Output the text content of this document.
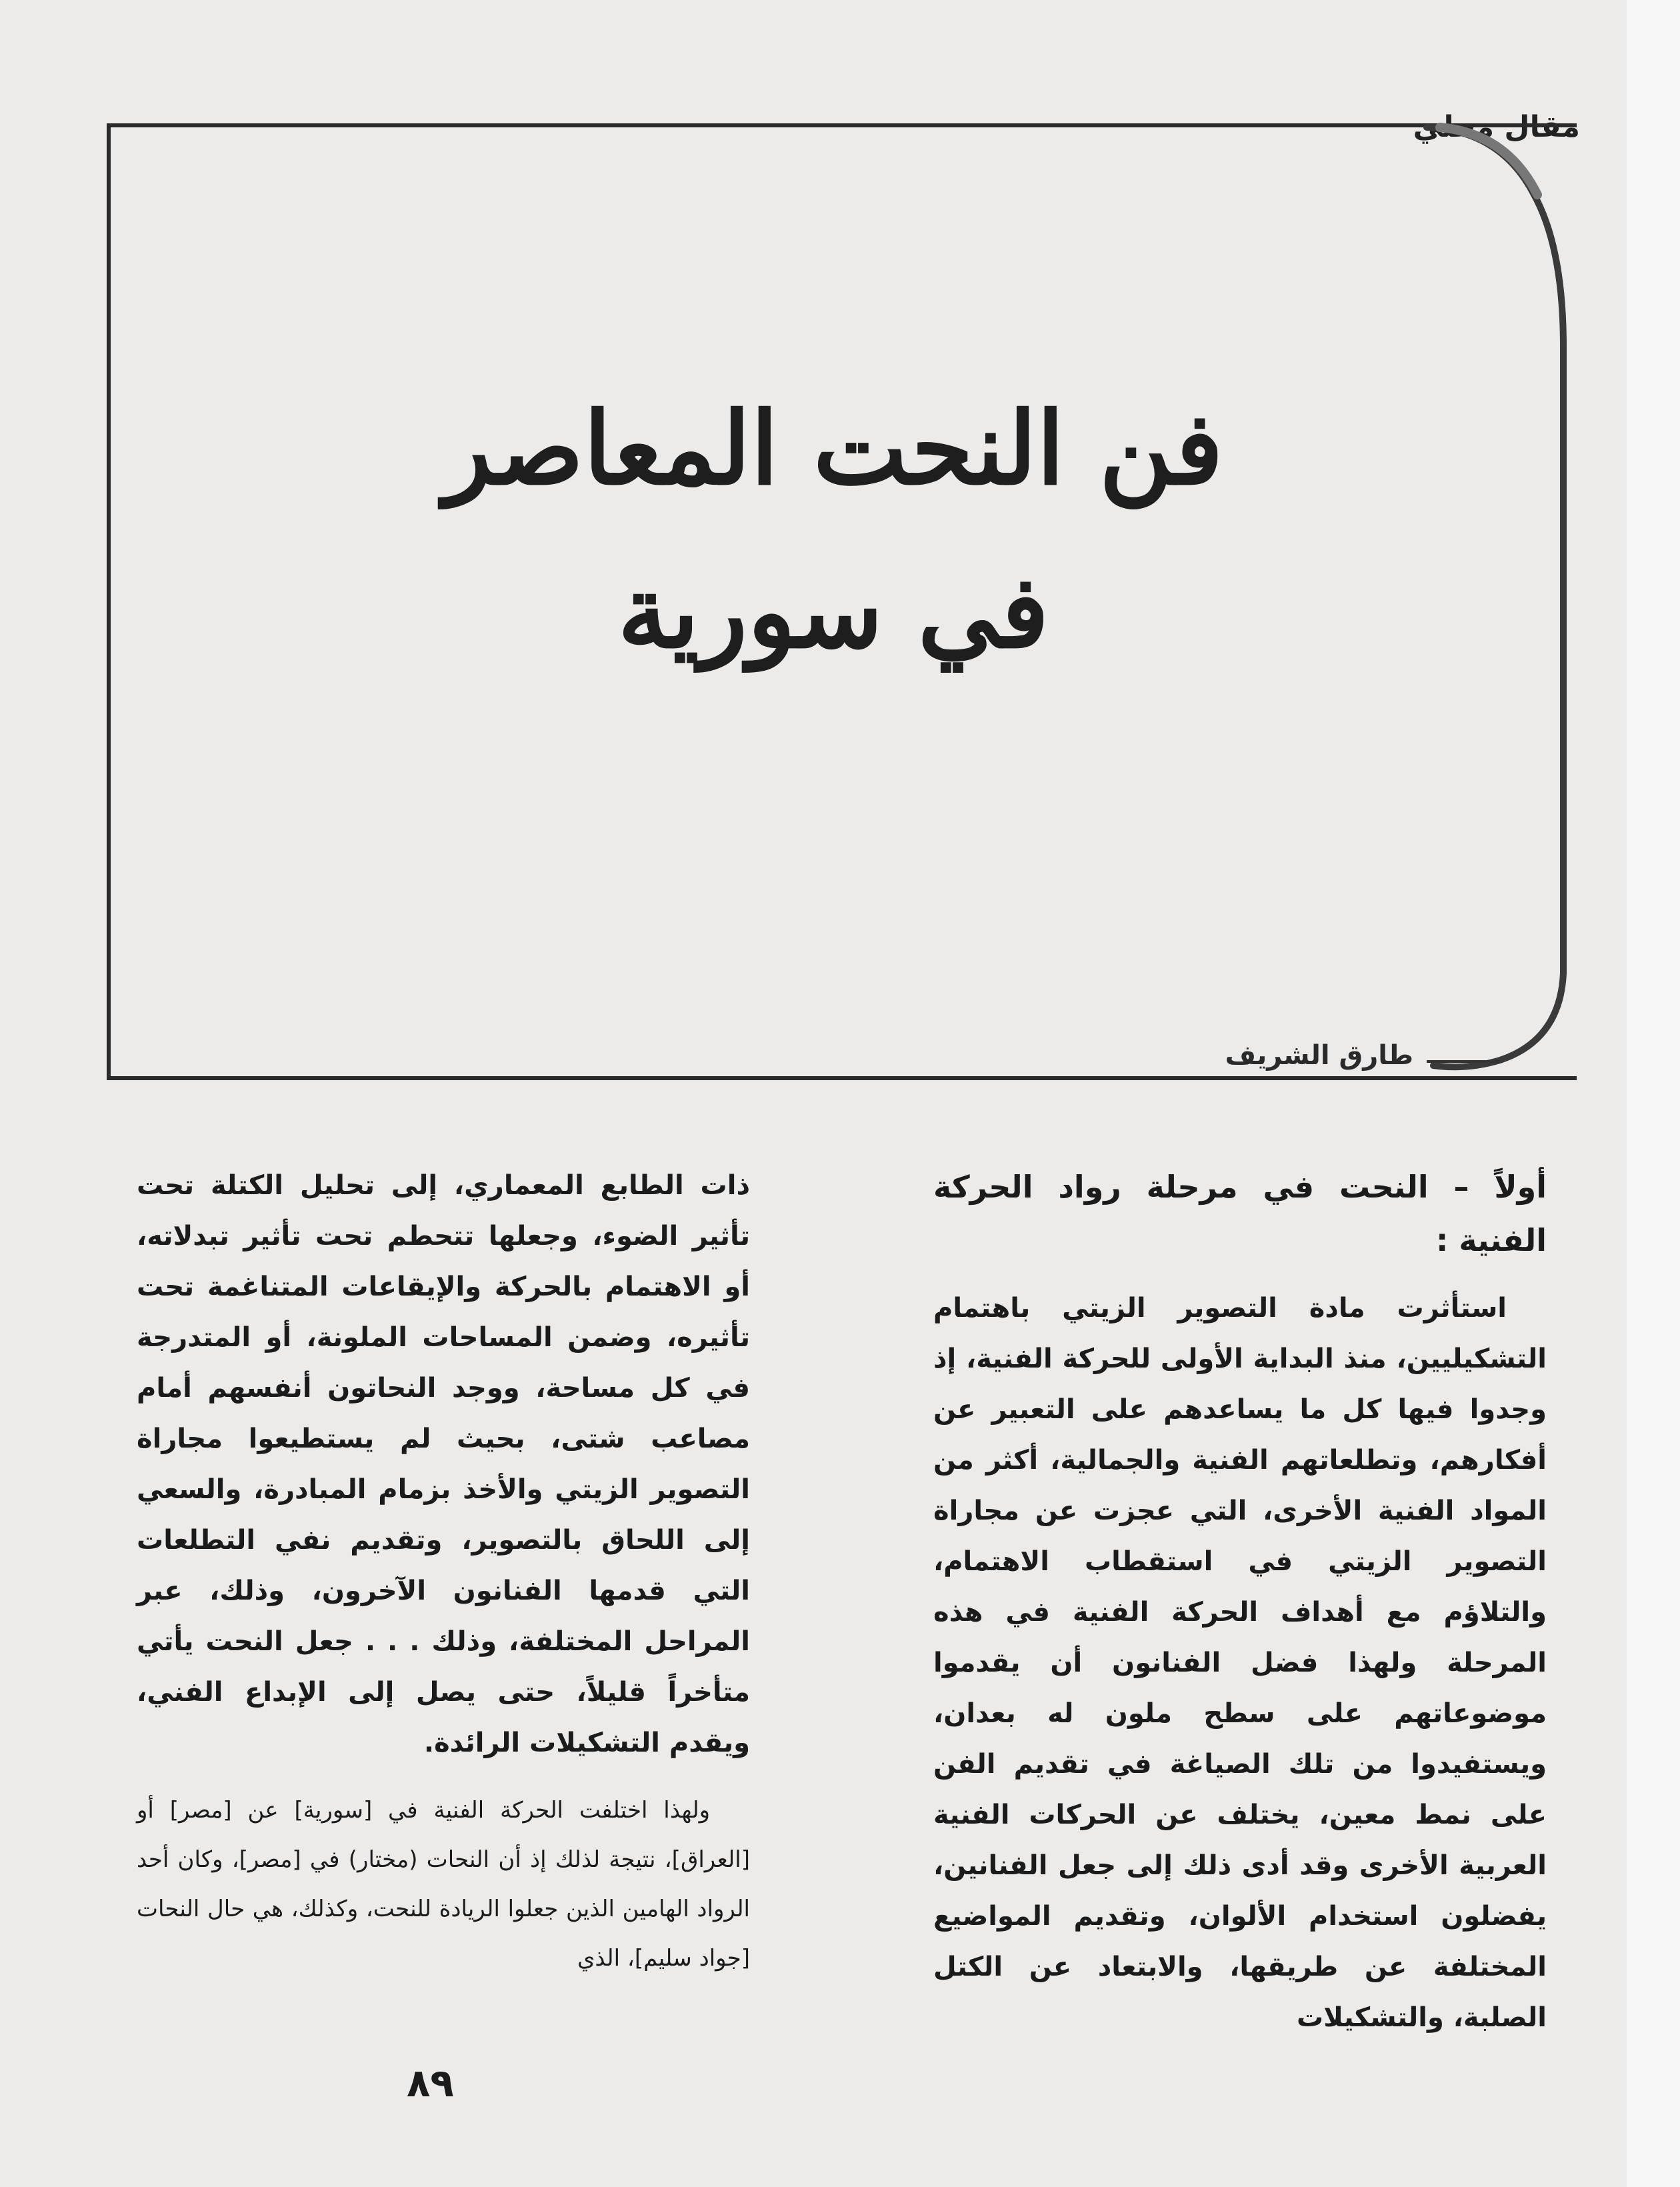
مقال محلي
فن النحت المعاصر
في سورية
طارق الشريف

أولاً – النحت في مرحلة رواد الحركة الفنية :

استأثرت مادة التصوير الزيتي باهتمام التشكيليين، منذ البداية الأولى للحركة الفنية، إذ وجدوا فيها كل ما يساعدهم على التعبير عن أفكارهم، وتطلعاتهم الفنية والجمالية، أكثر من المواد الفنية الأخرى، التي عجزت عن مجاراة التصوير الزيتي في استقطاب الاهتمام، والتلاؤم مع أهداف الحركة الفنية في هذه المرحلة ولهذا فضل الفنانون أن يقدموا موضوعاتهم على سطح ملون له بعدان، ويستفيدوا من تلك الصياغة في تقديم الفن على نمط معين، يختلف عن الحركات الفنية العربية الأخرى وقد أدى ذلك إلى جعل الفنانين، يفضلون استخدام الألوان، وتقديم المواضيع المختلفة عن طريقها، والابتعاد عن الكتل الصلبة، والتشكيلات

ذات الطابع المعماري، إلى تحليل الكتلة تحت تأثير الضوء، وجعلها تتحطم تحت تأثير تبدلاته، أو الاهتمام بالحركة والإيقاعات المتناغمة تحت تأثيره، وضمن المساحات الملونة، أو المتدرجة في كل مساحة، ووجد النحاتون أنفسهم أمام مصاعب شتى، بحيث لم يستطيعوا مجاراة التصوير الزيتي والأخذ بزمام المبادرة، والسعي إلى اللحاق بالتصوير، وتقديم نفي التطلعات التي قدمها الفنانون الآخرون، وذلك، عبر المراحل المختلفة، وذلك . . . جعل النحت يأتي متأخراً قليلاً، حتى يصل إلى الإبداع الفني، ويقدم التشكيلات الرائدة.

ولهذا اختلفت الحركة الفنية في [سورية] عن [مصر] أو [العراق]، نتيجة لذلك إذ أن النحات (مختار) في [مصر]، وكان أحد الرواد الهامين الذين جعلوا الريادة للنحت، وكذلك، هي حال النحات [جواد سليم]، الذي

٨٩
